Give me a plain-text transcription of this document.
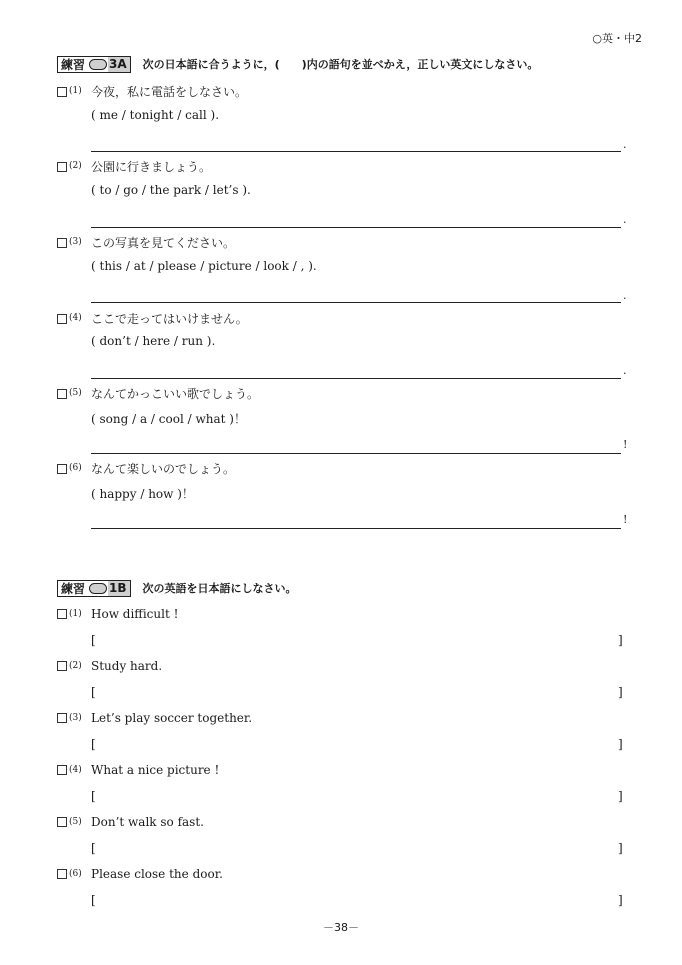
○英・中2
練習	3A 次の日本語に合うように，(　　)内の語句を並べかえ，正しい英文にしなさい。
(1) 今夜，私に電話をしなさい。
( me / tonight / call ).
.
(2) 公園に行きましょう。
( to / go / the park / let’s ).
.
(3) この写真を見てください。
( this / at / please / picture / look / , ).
.
(4) ここで走ってはいけません。
( don’t / here / run ).
.
(5) なんてかっこいい歌でしょう。
( song / a / cool / what )！
!
(6) なんて楽しいのでしょう。
( happy / how )！
!
練習	1B 次の英語を日本語にしなさい。
(1) How difficult !
[	]
(2) Study hard.
[	]
(3) Let’s play soccer together.
[	]
(4) What a nice picture !
[	]
(5) Don’t walk so fast.
[	]
(6) Please close the door.
[	]
－38－
